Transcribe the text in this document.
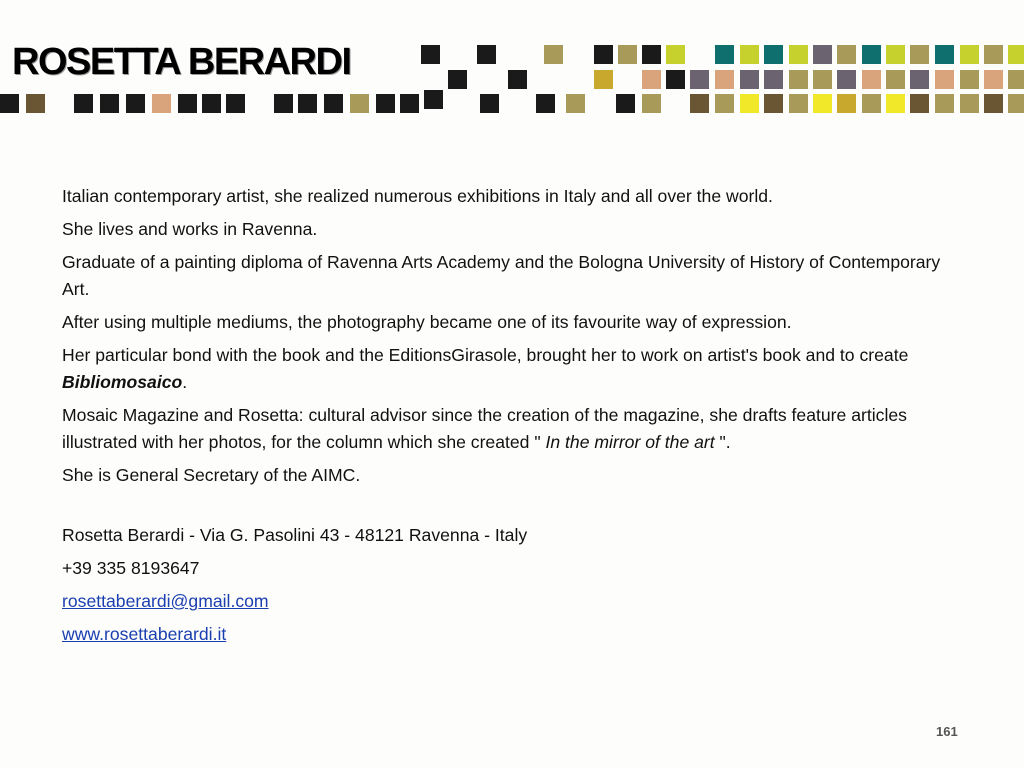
ROSETTA BERARDI

Italian contemporary artist, she realized numerous exhibitions in Italy and all over the world.

She lives and works in Ravenna.

Graduate of a painting diploma of Ravenna Arts Academy and the Bologna University of History of Contemporary Art.

After using multiple mediums, the photography became one of its favourite way of expression.

Her particular bond with the book and the EditionsGirasole, brought her to work on artist's book and to create Bibliomosaico.

Mosaic Magazine and Rosetta: cultural advisor since the creation of the magazine, she drafts feature articles illustrated with her photos, for the column which she created " In the mirror of the art ".

She is General Secretary of the AIMC.

Rosetta Berardi - Via G. Pasolini 43 - 48121 Ravenna - Italy

+39 335 8193647

rosettaberardi@gmail.com

www.rosettaberardi.it

161
